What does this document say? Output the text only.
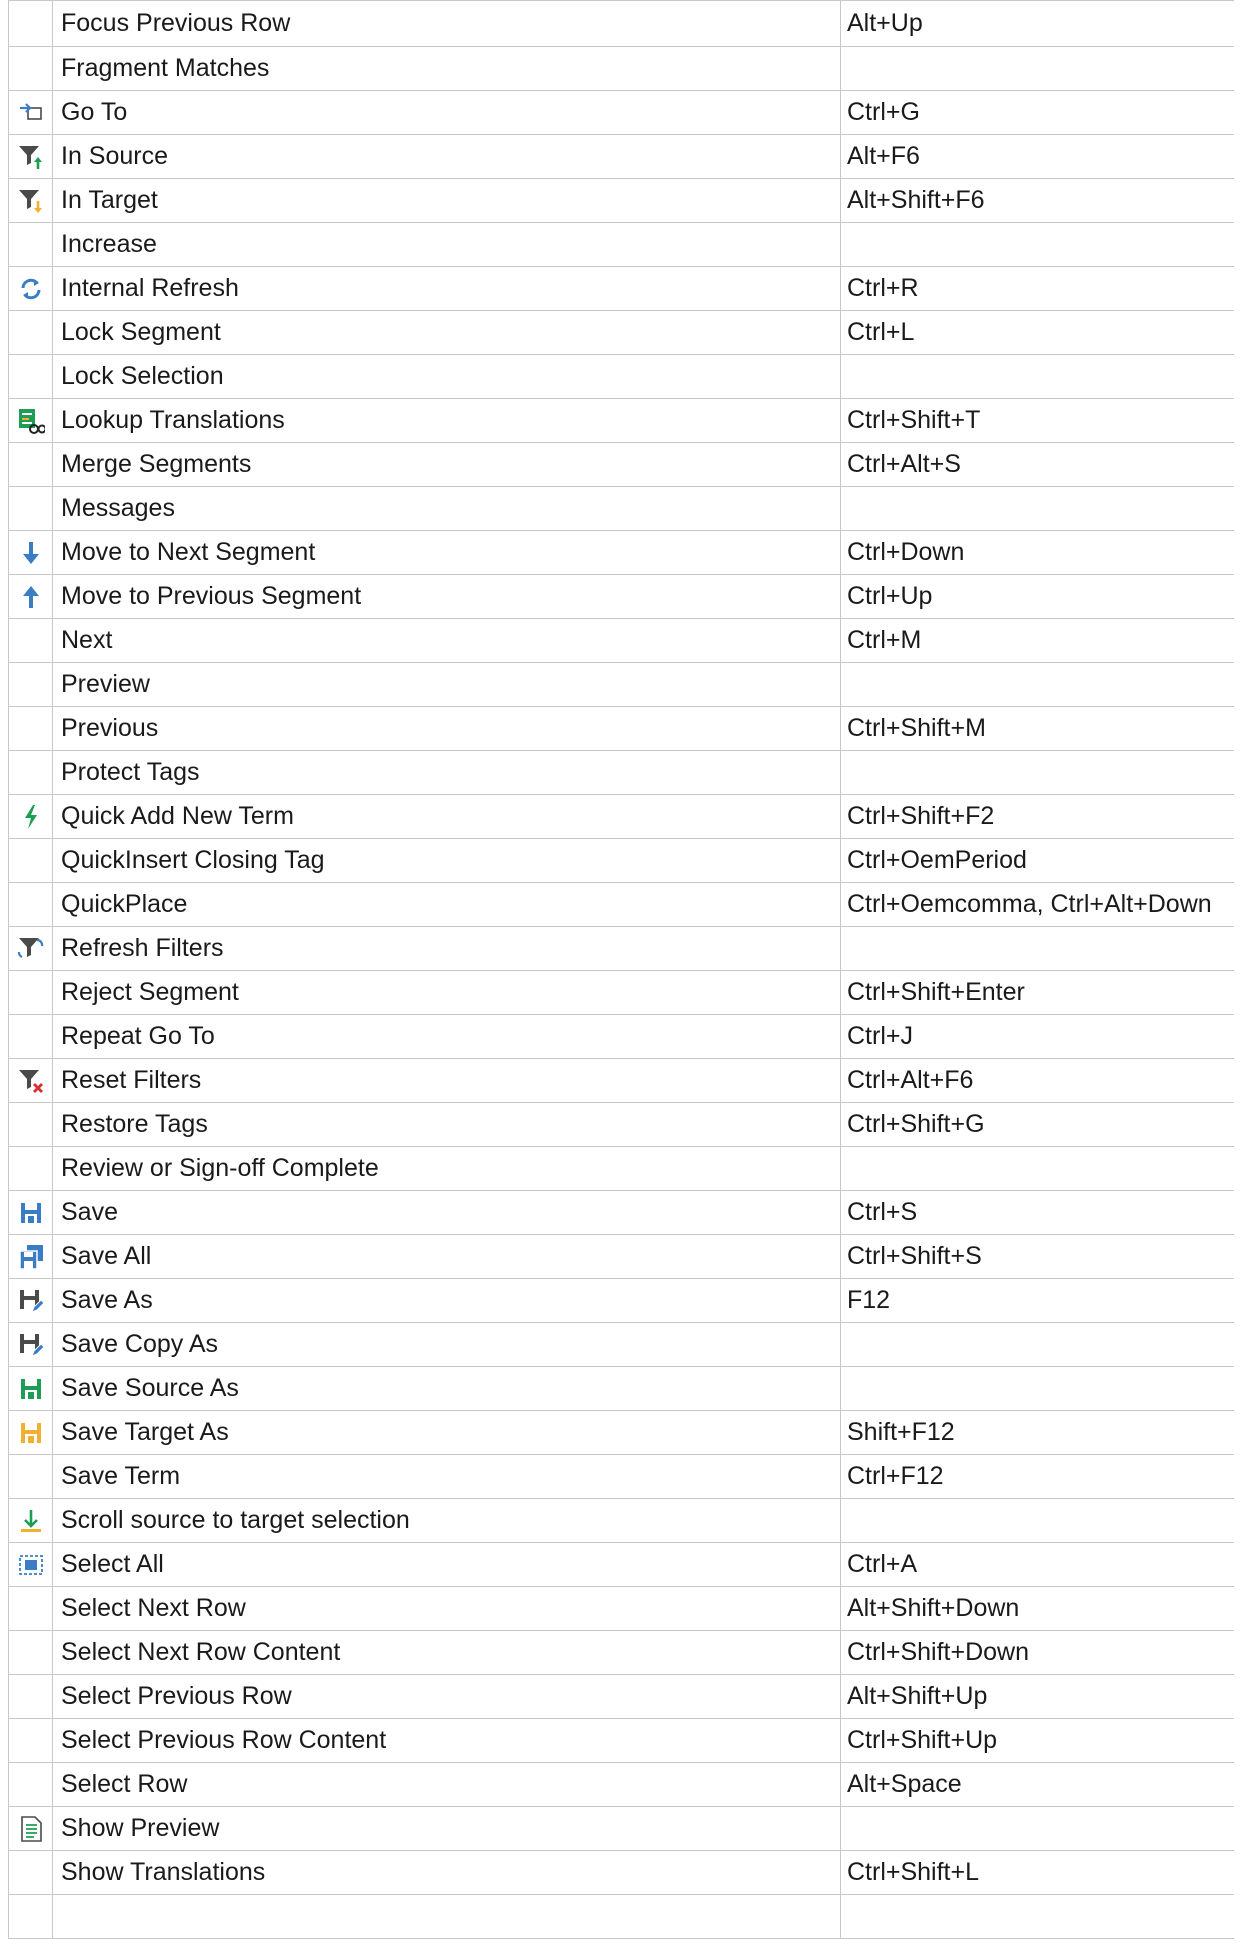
	Focus Previous Row	Alt+Up
	Fragment Matches	

	Go To	Ctrl+G

	In Source	Alt+F6

	In Target	Alt+Shift+F6
	Increase	

	Internal Refresh	Ctrl+R
	Lock Segment	Ctrl+L
	Lock Selection	

	Lookup Translations	Ctrl+Shift+T
	Merge Segments	Ctrl+Alt+S
	Messages	

	Move to Next Segment	Ctrl+Down

	Move to Previous Segment	Ctrl+Up
	Next	Ctrl+M
	Preview	
	Previous	Ctrl+Shift+M
	Protect Tags	

	Quick Add New Term	Ctrl+Shift+F2
	QuickInsert Closing Tag	Ctrl+OemPeriod
	QuickPlace	Ctrl+Oemcomma, Ctrl+Alt+Down

	Refresh Filters	
	Reject Segment	Ctrl+Shift+Enter
	Repeat Go To	Ctrl+J

	Reset Filters	Ctrl+Alt+F6
	Restore Tags	Ctrl+Shift+G
	Review or Sign-off Complete	

	Save	Ctrl+S

	Save All	Ctrl+Shift+S

	Save As	F12

	Save Copy As	

	Save Source As	

	Save Target As	Shift+F12
	Save Term	Ctrl+F12

	Scroll source to target selection	

	Select All	Ctrl+A
	Select Next Row	Alt+Shift+Down
	Select Next Row Content	Ctrl+Shift+Down
	Select Previous Row	Alt+Shift+Up
	Select Previous Row Content	Ctrl+Shift+Up
	Select Row	Alt+Space

	Show Preview	
	Show Translations	Ctrl+Shift+L
